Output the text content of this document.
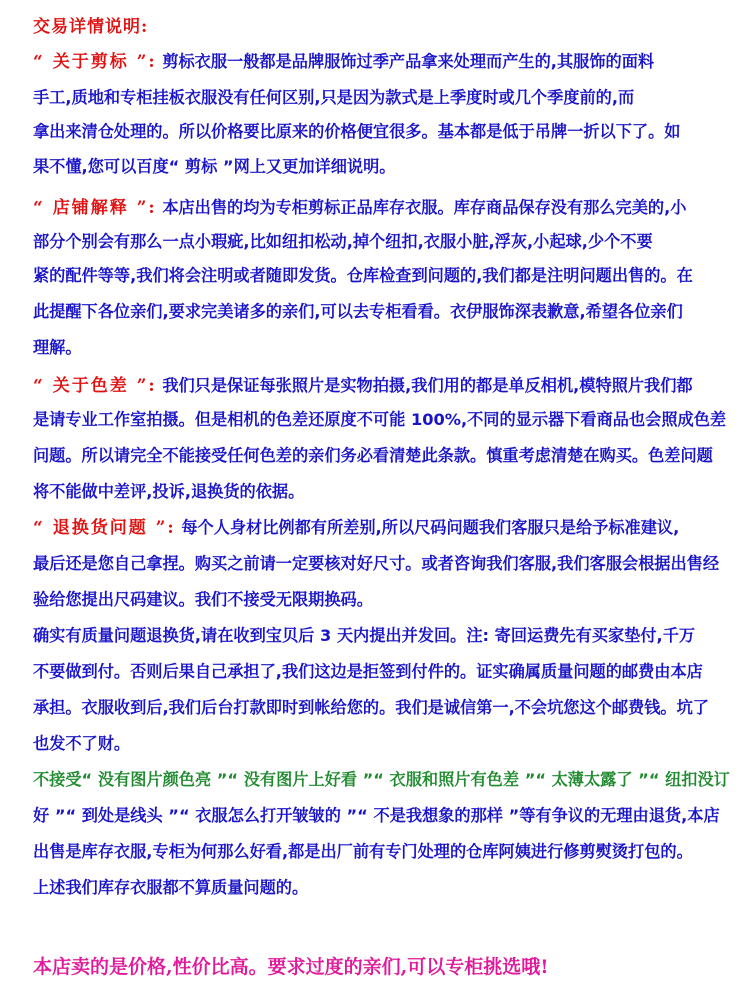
交易详情说明:
“ 关于剪标 ”: 剪标衣服一般都是品牌服饰过季产品拿来处理而产生的,其服饰的面料
手工,质地和专柜挂板衣服没有任何区别,只是因为款式是上季度时或几个季度前的,而
拿出来清仓处理的。所以价格要比原来的价格便宜很多。基本都是低于吊牌一折以下了。如
果不懂,您可以百度“ 剪标 ”网上又更加详细说明。
“ 店铺解释 ”: 本店出售的均为专柜剪标正品库存衣服。库存商品保存没有那么完美的,小
部分个别会有那么一点小瑕疵,比如纽扣松动,掉个纽扣,衣服小脏,浮灰,小起球,少个不要
紧的配件等等,我们将会注明或者随即发货。仓库检查到问题的,我们都是注明问题出售的。在
此提醒下各位亲们,要求完美诸多的亲们,可以去专柜看看。衣伊服饰深表歉意,希望各位亲们
理解。
“ 关于色差 ”: 我们只是保证每张照片是实物拍摄,我们用的都是单反相机,模特照片我们都
是请专业工作室拍摄。但是相机的色差还原度不可能 100%,不同的显示器下看商品也会照成色差
问题。所以请完全不能接受任何色差的亲们务必看清楚此条款。慎重考虑清楚在购买。色差问题
将不能做中差评,投诉,退换货的依据。
“ 退换货问题 ”: 每个人身材比例都有所差别,所以尺码问题我们客服只是给予标准建议,
最后还是您自己拿捏。购买之前请一定要核对好尺寸。或者咨询我们客服,我们客服会根据出售经
验给您提出尺码建议。我们不接受无限期换码。
确实有质量问题退换货,请在收到宝贝后 3 天内提出并发回。注: 寄回运费先有买家垫付,千万
不要做到付。否则后果自己承担了,我们这边是拒签到付件的。证实确属质量问题的邮费由本店
承担。衣服收到后,我们后台打款即时到帐给您的。我们是诚信第一,不会坑您这个邮费钱。坑了
也发不了财。
不接受“ 没有图片颜色亮 ”“ 没有图片上好看 ”“ 衣服和照片有色差 ”“ 太薄太露了 ”“ 纽扣没订
好 ”“ 到处是线头 ”“ 衣服怎么打开皱皱的 ”“ 不是我想象的那样 ”等有争议的无理由退货,本店
出售是库存衣服,专柜为何那么好看,都是出厂前有专门处理的仓库阿姨进行修剪熨烫打包的。
上述我们库存衣服都不算质量问题的。
本店卖的是价格,性价比高。要求过度的亲们,可以专柜挑选哦!
